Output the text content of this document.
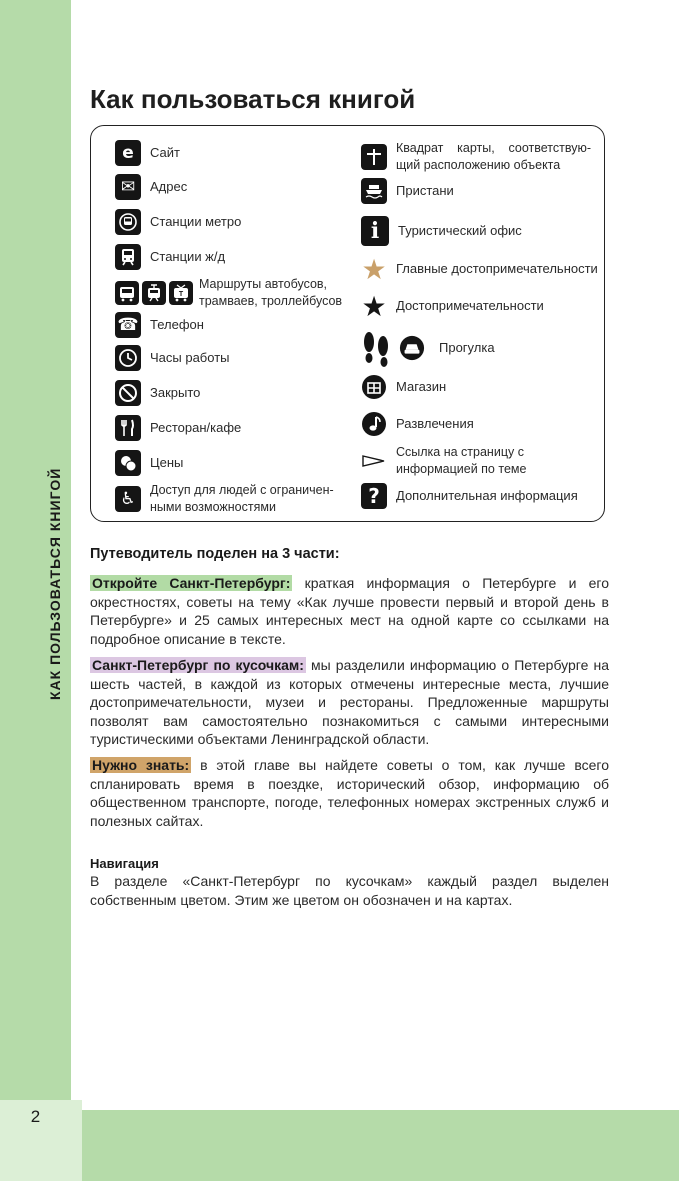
КАК ПОЛЬЗОВАТЬСЯ КНИГОЙ
2
Как пользоваться книгой
e	Сайт
✉	Адрес
Станции метро
Станции ж/д
T
Маршруты автобусов, трамваев, троллейбусов
☎ Телефон
Часы работы
Закрыто
Ресторан/кафе
Цены
♿	Доступ для людей с ограничен-ными возможностями
Квадрат карты, соответствую-щий расположению объекта
Пристани
i	Туристический офис
★ Главные достопримечательности
★ Достопримечательности
Прогулка
Магазин
Развлечения
Ссылка на страницу с информацией по теме
?	Дополнительная информация
Путеводитель поделен на 3 части:

Откройте Санкт-Петербург: краткая информация о Петербурге и его окрестностях, советы на тему «Как лучше провести первый и второй день в Петербурге» и 25 самых интересных мест на одной карте со ссылками на подробное описание в тексте.

Санкт-Петербург по кусочкам: мы разделили информацию о Петербурге на шесть частей, в каждой из которых отмечены интересные места, лучшие достопримечательности, музеи и рестораны. Предложенные маршруты позволят вам самостоятельно познакомиться с самыми интересными туристическими объектами Ленинградской области.

Нужно знать: в этой главе вы найдете советы о том, как лучше всего спланировать время в поездке, исторический обзор, информацию об общественном транспорте, погоде, телефонных номерах экстренных служб и полезных сайтах.

Навигация

В разделе «Санкт-Петербург по кусочкам» каждый раздел выделен собственным цветом. Этим же цветом он обозначен и на картах.
